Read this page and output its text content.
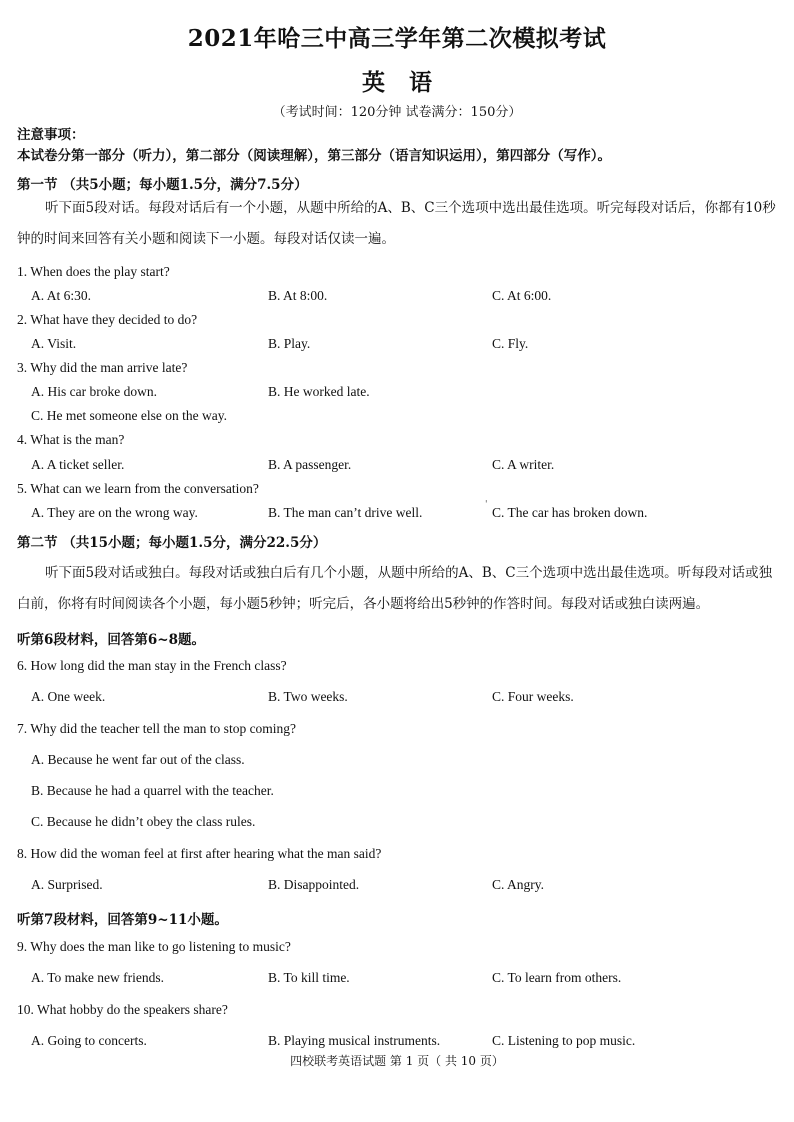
2021年哈三中高三学年第二次模拟考试
英语
（考试时间：120分钟 试卷满分：150分）
注意事项：
本试卷分第一部分（听力），第二部分（阅读理解），第三部分（语言知识运用），第四部分（写作）。
第一节 （共5小题；每小题1.5分，满分7.5分）
听下面5段对话。每段对话后有一个小题，从题中所给的A、B、C三个选项中选出最佳选项。听完每段对话后，你都有10秒钟的时间来回答有关小题和阅读下一小题。每段对话仅读一遍。
1. When does the play start?
A. At 6:30.	B. At 8:00.	C. At 6:00.
2. What have they decided to do?
A. Visit.	B. Play.	C. Fly.
3. Why did the man arrive late?
A. His car broke down.	B. He worked late.
C. He met someone else on the way.
4. What is the man?
A. A ticket seller.	B. A passenger.	C. A writer.
5. What can we learn from the conversation?
A. They are on the wrong way.	B. The man can’t drive well.	' C. The car has broken down.
第二节 （共15小题；每小题1.5分，满分22.5分）
听下面5段对话或独白。每段对话或独白后有几个小题，从题中所给的A、B、C三个选项中选出最佳选项。听每段对话或独白前，你将有时间阅读各个小题，每小题5秒钟；听完后，各小题将给出5秒钟的作答时间。每段对话或独白读两遍。
听第6段材料，回答第6~8题。
6. How long did the man stay in the French class?
A. One week.	B. Two weeks.	C. Four weeks.
7. Why did the teacher tell the man to stop coming?
A. Because he went far out of the class.
B. Because he had a quarrel with the teacher.
C. Because he didn’t obey the class rules.
8. How did the woman feel at first after hearing what the man said?
A. Surprised.	B. Disappointed.	C. Angry.
听第7段材料，回答第9~11小题。
9. Why does the man like to go listening to music?
A. To make new friends.	B. To kill time.	C. To learn from others.
10. What hobby do the speakers share?
A. Going to concerts.	B. Playing musical instruments.	C. Listening to pop music.
四校联考英语试题 第 1 页（ 共 10 页）
